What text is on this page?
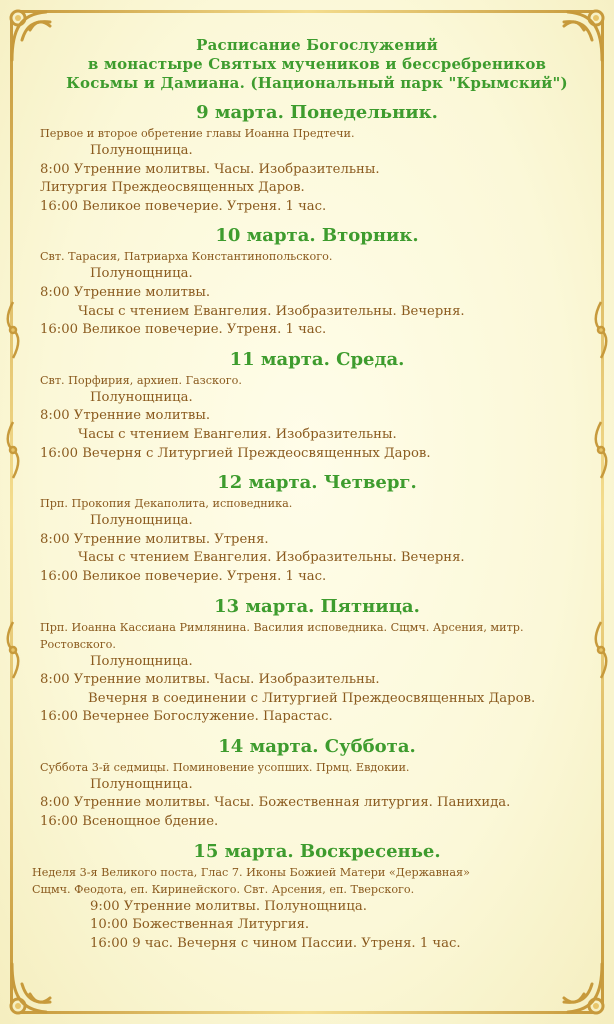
Расписание Богослужений
в монастыре Святых мучеников и бессребреников
Косьмы и Дамиана. (Национальный парк "Крымский")
9 марта. Понедельник.
Первое и второе обретение главы Иоанна Предтечи.
Полунощница.
8:00 Утренние молитвы. Часы. Изобразительны.
Литургия Преждеосвященных Даров.
16:00 Великое повечерие. Утреня. 1 час.
10 марта. Вторник.
Свт. Тарасия, Патриарха Константинопольского.
Полунощница.
8:00 Утренние молитвы.
Часы с чтением Евангелия. Изобразительны. Вечерня.
16:00 Великое повечерие. Утреня. 1 час.
11 марта. Среда.
Свт. Порфирия, архиеп. Газского.
Полунощница.
8:00 Утренние молитвы.
Часы с чтением Евангелия. Изобразительны.
16:00 Вечерня с Литургией Преждеосвященных Даров.
12 марта. Четверг.
Прп. Прокопия Декаполита, исповедника.
Полунощница.
8:00 Утренние молитвы. Утреня.
Часы с чтением Евангелия. Изобразительны. Вечерня.
16:00 Великое повечерие. Утреня. 1 час.
13 марта. Пятница.
Прп. Иоанна Кассиана Римлянина. Василия исповедника. Сщмч. Арсения, митр. Ростовского.
Полунощница.
8:00 Утренние молитвы. Часы. Изобразительны.
Вечерня в соединении с Литургией Преждеосвященных Даров.
16:00 Вечернее Богослужение. Парастас.
14 марта. Суббота.
Суббота 3-й седмицы. Поминовение усопших. Прмц. Евдокии.
Полунощница.
8:00 Утренние молитвы. Часы. Божественная литургия. Панихида.
16:00 Всенощное бдение.
15 марта. Воскресенье.
Неделя 3-я Великого поста, Глас 7. Иконы Божией Матери «Державная»
Сщмч. Феодота, еп. Киринейского. Свт. Арсения, еп. Тверского.
9:00 Утренние молитвы. Полунощница.
10:00 Божественная Литургия.
16:00 9 час. Вечерня с чином Пассии. Утреня. 1 час.
